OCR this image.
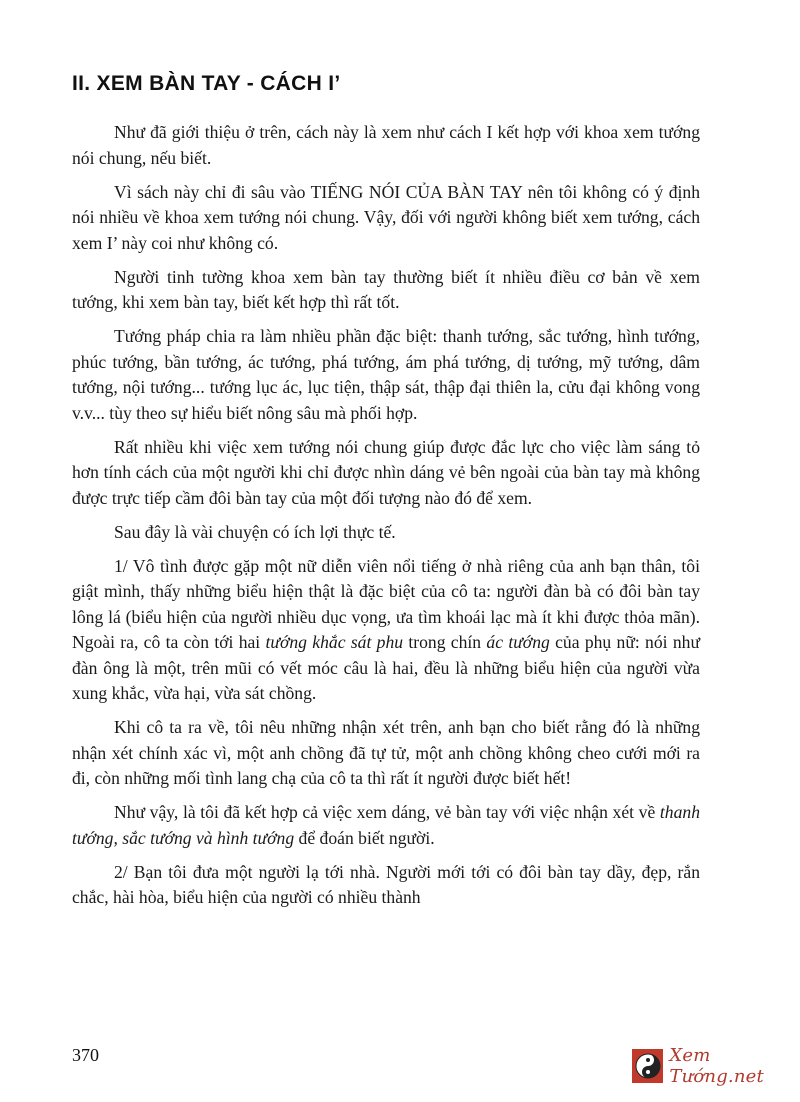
II. XEM BÀN TAY - CÁCH I’

Như đã giới thiệu ở trên, cách này là xem như cách I kết hợp với khoa xem tướng nói chung, nếu biết.

Vì sách này chỉ đi sâu vào TIẾNG NÓI CỦA BÀN TAY nên tôi không có ý định nói nhiều về khoa xem tướng nói chung. Vậy, đối với người không biết xem tướng, cách xem I’ này coi như không có.

Người tinh tường khoa xem bàn tay thường biết ít nhiều điều cơ bản về xem tướng, khi xem bàn tay, biết kết hợp thì rất tốt.

Tướng pháp chia ra làm nhiều phần đặc biệt: thanh tướng, sắc tướng, hình tướng, phúc tướng, bần tướng, ác tướng, phá tướng, ám phá tướng, dị tướng, mỹ tướng, dâm tướng, nội tướng... tướng lục ác, lục tiện, thập sát, thập đại thiên la, cửu đại không vong v.v... tùy theo sự hiểu biết nông sâu mà phối hợp.

Rất nhiều khi việc xem tướng nói chung giúp được đắc lực cho việc làm sáng tỏ hơn tính cách của một người khi chỉ được nhìn dáng vẻ bên ngoài của bàn tay mà không được trực tiếp cầm đôi bàn tay của một đối tượng nào đó để xem.

Sau đây là vài chuyện có ích lợi thực tế.

1/ Vô tình được gặp một nữ diễn viên nổi tiếng ở nhà riêng của anh bạn thân, tôi giật mình, thấy những biểu hiện thật là đặc biệt của cô ta: người đàn bà có đôi bàn tay lông lá (biểu hiện của người nhiều dục vọng, ưa tìm khoái lạc mà ít khi được thỏa mãn). Ngoài ra, cô ta còn tới hai tướng khắc sát phu trong chín ác tướng của phụ nữ: nói như đàn ông là một, trên mũi có vết móc câu là hai, đều là những biểu hiện của người vừa xung khắc, vừa hại, vừa sát chồng.

Khi cô ta ra về, tôi nêu những nhận xét trên, anh bạn cho biết rằng đó là những nhận xét chính xác vì, một anh chồng đã tự tử, một anh chồng không cheo cưới mới ra đi, còn những mối tình lang chạ của cô ta thì rất ít người được biết hết!

Như vậy, là tôi đã kết hợp cả việc xem dáng, vẻ bàn tay với việc nhận xét về thanh tướng, sắc tướng và hình tướng để đoán biết người.

2/ Bạn tôi đưa một người lạ tới nhà. Người mới tới có đôi bàn tay dầy, đẹp, rắn chắc, hài hòa, biểu hiện của người có nhiều thành

370	Xem Tướng.net
